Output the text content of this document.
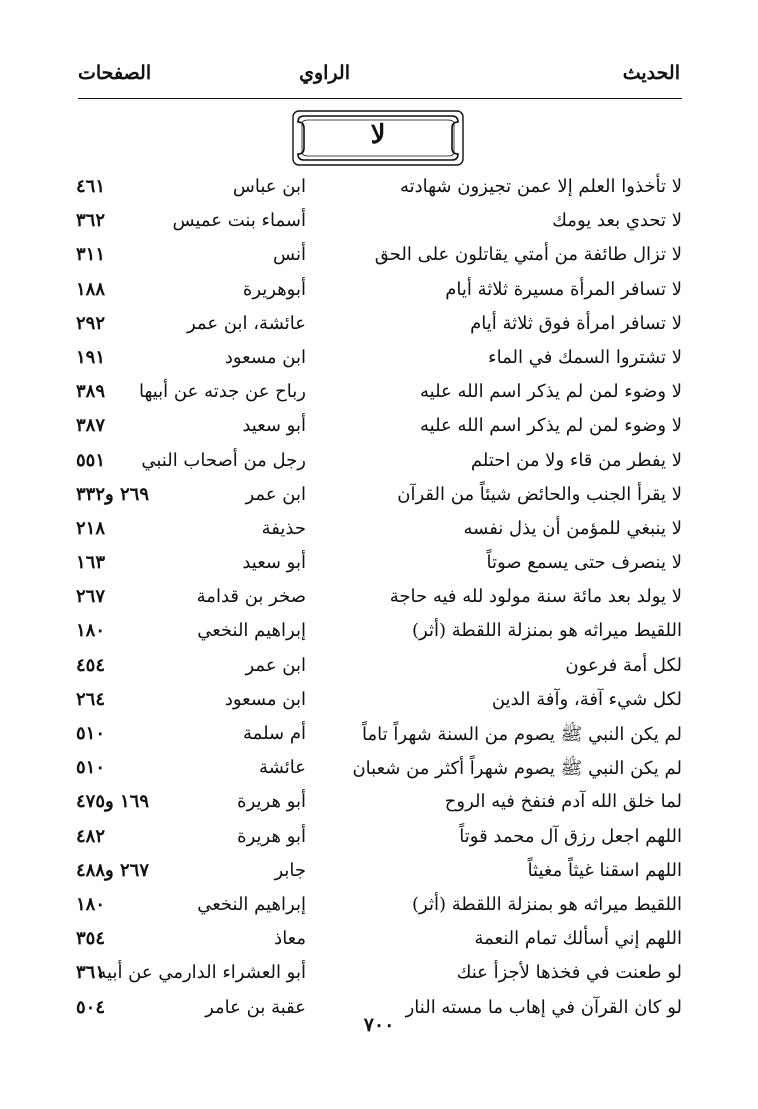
الحديث
الراوي
الصفحات
لا
لا تأخذوا العلم إلا عمن تجيزون شهادته
ابن عباس
٤٦١
لا تحدي بعد يومك
أسماء بنت عميس
٣٦٢
لا تزال طائفة من أمتي يقاتلون على الحق
أنس
٣١١
لا تسافر المرأة مسيرة ثلاثة أيام
أبوهريرة
١٨٨
لا تسافر امرأة فوق ثلاثة أيام
عائشة، ابن عمر
٢٩٢
لا تشتروا السمك في الماء
ابن مسعود
١٩١
لا وضوء لمن لم يذكر اسم الله عليه
رباح عن جدته عن أبيها
٣٨٩
لا وضوء لمن لم يذكر اسم الله عليه
أبو سعيد
٣٨٧
لا يفطر من قاء ولا من احتلم
رجل من أصحاب النبي
٥٥١
لا يقرأ الجنب والحائض شيئاً من القرآن
ابن عمر
٢٦٩ و٣٣٢
لا ينبغي للمؤمن أن يذل نفسه
حذيفة
٢١٨
لا ينصرف حتى يسمع صوتاً
أبو سعيد
١٦٣
لا يولد بعد مائة سنة مولود لله فيه حاجة
صخر بن قدامة
٢٦٧
اللقيط ميراثه هو بمنزلة اللقطة (أثر)
إبراهيم النخعي
١٨٠
لكل أمة فرعون
ابن عمر
٤٥٤
لكل شيء آفة، وآفة الدين
ابن مسعود
٢٦٤
لم يكن النبي ﷺ يصوم من السنة شهراً تاماً
أم سلمة
٥١٠
لم يكن النبي ﷺ يصوم شهراً أكثر من شعبان
عائشة
٥١٠
لما خلق الله آدم فنفخ فيه الروح
أبو هريرة
١٦٩ و٤٧٥
اللهم اجعل رزق آل محمد قوتاً
أبو هريرة
٤٨٢
اللهم اسقنا غيثاً مغيثاً
جابر
٢٦٧ و٤٨٨
اللقيط ميراثه هو بمنزلة اللقطة (أثر)
إبراهيم النخعي
١٨٠
اللهم إني أسألك تمام النعمة
معاذ
٣٥٤
لو طعنت في فخذها لأجزأ عنك
أبو العشراء الدارمي عن أبيه
٣٦١
لو كان القرآن في إهاب ما مسته النار
عقبة بن عامر
٥٠٤
٧٠٠
